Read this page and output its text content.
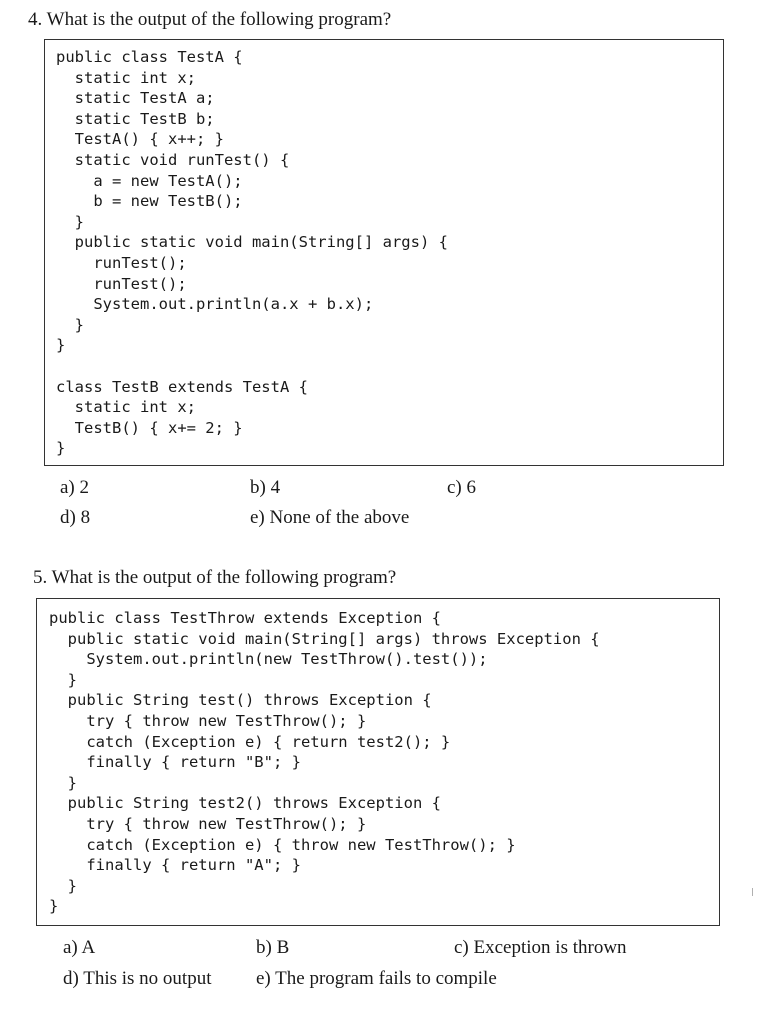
4. What is the output of the following program?
public class TestA {
static int x;
static TestA a;
static TestB b;
TestA() { x++; }
static void runTest() {
a = new TestA();
b = new TestB();
}
public static void main(String[] args) {
runTest();
runTest();
System.out.println(a.x + b.x);
}
}

class TestB extends TestA {
static int x;
TestB() { x+= 2; }
}
a) 2	b) 4	c) 6
d) 8	e) None of the above
5. What is the output of the following program?
public class TestThrow extends Exception {
public static void main(String[] args) throws Exception {
System.out.println(new TestThrow().test());
}
public String test() throws Exception {
try { throw new TestThrow(); }
catch (Exception e) { return test2(); }
finally { return "B"; }
}
public String test2() throws Exception {
try { throw new TestThrow(); }
catch (Exception e) { throw new TestThrow(); }
finally { return "A"; }
}
}
a) A	b) B	c) Exception is thrown
d) This is no output e) The program fails to compile
